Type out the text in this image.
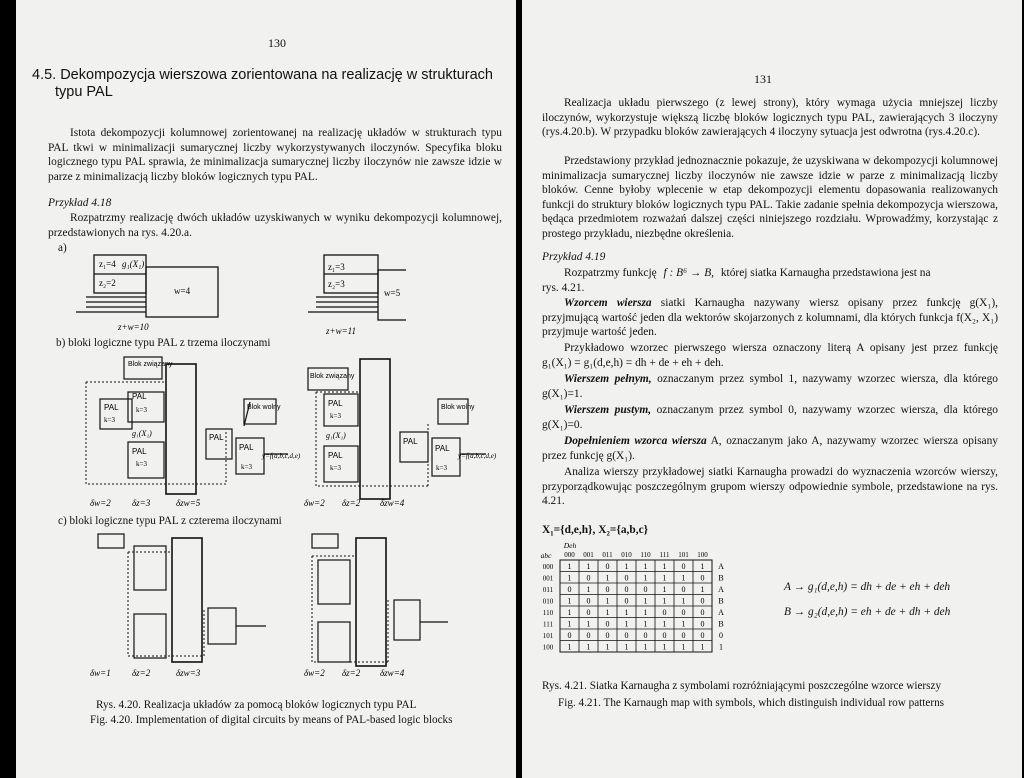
130
4.5. Dekompozycja wierszowa zorientowana na realizację w strukturach
typu PAL
Istota dekompozycji kolumnowej zorientowanej na realizację układów w strukturach typu PAL tkwi w minimalizacji sumarycznej liczby wykorzystywanych iloczynów. Specyfika bloku logicznego typu PAL sprawia, że minimalizacja sumarycznej liczby iloczynów nie zawsze idzie w parze z minimalizacją liczby bloków logicznych typu PAL.
Przykład 4.18
Rozpatrzmy realizację dwóch układów uzyskiwanych w wyniku dekompozycji kolumnowej, przedstawionych na rys. 4.20.a.
a)
z₁=4 g₁(X₁)
z₂=2
w=4
z+w=10
z₁=3
z₂=3
w=5
z+w=11
b) bloki logiczne typu PAL z trzema iloczynami
Blok związany
PAL
k=3
PAL
k=3
g₁(X₁)
PAL
k=3
PAL
PAL
k=3
Blok wolny
y=f(a,b,c,d,e)
δw=2 δz=3	δzw=5
Blok związany
PAL
k=3
g₁(X₁)
PAL
k=3
PAL
PAL
k=3
Blok wolny
y=f(a,b,c,d,e)
δw=2 δz=2 δzw=4
c) bloki logiczne typu PAL z czterema iloczynami
δw=1 δz=2	δzw=3	δw=2 δz=2 δzw=4
Rys. 4.20. Realizacja układów za pomocą bloków logicznych typu PAL
Fig. 4.20. Implementation of digital circuits by means of PAL-based logic blocks
131
Realizacja układu pierwszego (z lewej strony), który wymaga użycia mniejszej liczby iloczynów, wykorzystuje większą liczbę bloków logicznych typu PAL, zawierających 3 iloczyny (rys.4.20.b). W przypadku bloków zawierających 4 iloczyny sytuacja jest odwrotna (rys.4.20.c).
Przedstawiony przykład jednoznacznie pokazuje, że uzyskiwana w dekompozycji kolumnowej minimalizacja sumarycznej liczby iloczynów nie zawsze idzie w parze z minimalizacją liczby bloków. Cenne byłoby wplecenie w etap dekompozycji elementu dopasowania realizowanych funkcji do struktury bloków logicznych typu PAL. Takie zadanie spełnia dekompozycja wierszowa, będąca przedmiotem rozważań dalszej części niniejszego rozdziału. Wprowadźmy, korzystając z prostego przykładu, niezbędne określenia.
Przykład 4.19
Rozpatrzmy funkcję f : B⁶ → B, której siatka Karnaugha przedstawiona jest na
rys. 4.21.
Wzorcem wiersza siatki Karnaugha nazywany wiersz opisany przez funkcję g(X₁), przyjmującą wartość jeden dla wektorów skojarzonych z kolumnami, dla których funkcja f(X₂, X₁) przyjmuje wartość jeden.
Przykładowo wzorzec pierwszego wiersza oznaczony literą A opisany jest przez funkcję g₁(X₁) = g₁(d,e,h) = dh + de + eh + deh.
Wierszem pełnym, oznaczanym przez symbol 1, nazywamy wzorzec wiersza, dla którego g(X₁)=1.
Wierszem pustym, oznaczanym przez symbol 0, nazywamy wzorzec wiersza, dla którego g(X₁)=0.
Dopełnieniem wzorca wiersza A, oznaczanym jako A, nazywamy wzorzec wiersza opisany przez funkcję g(X₁).
Analiza wierszy przykładowej siatki Karnaugha prowadzi do wyznaczenia wzorców wierszy, przyporządkowując poszczególnym grupom wierszy odpowiednie symbole, przedstawione na rys. 4.21.
X₁={d,e,h}, X₂={a,b,c}
Deh
abc 000 001 011 010 110 111 101 100
000 1 1 0 1 1 1 0 1 A
001 1 0 1 0 1 1 1 0 B
011 0 1 0 0 0 1 0 1 A
010 1 0 1 0 1 1 1 0 B
110 1 0 1 1 1 0 0 0 A
111 1 1 0 1 1 1 1 0 B
101 0 0 0 0 0 0 0 0 0
100 1 1 1 1 1 1 1 1 1
A → g₁(d,e,h) = dh + de + eh + deh
B → g₂(d,e,h) = eh + de + dh + deh
Rys. 4.21. Siatka Karnaugha z symbolami rozróżniającymi poszczególne wzorce wierszy
Fig. 4.21. The Karnaugh map with symbols, which distinguish individual row patterns
